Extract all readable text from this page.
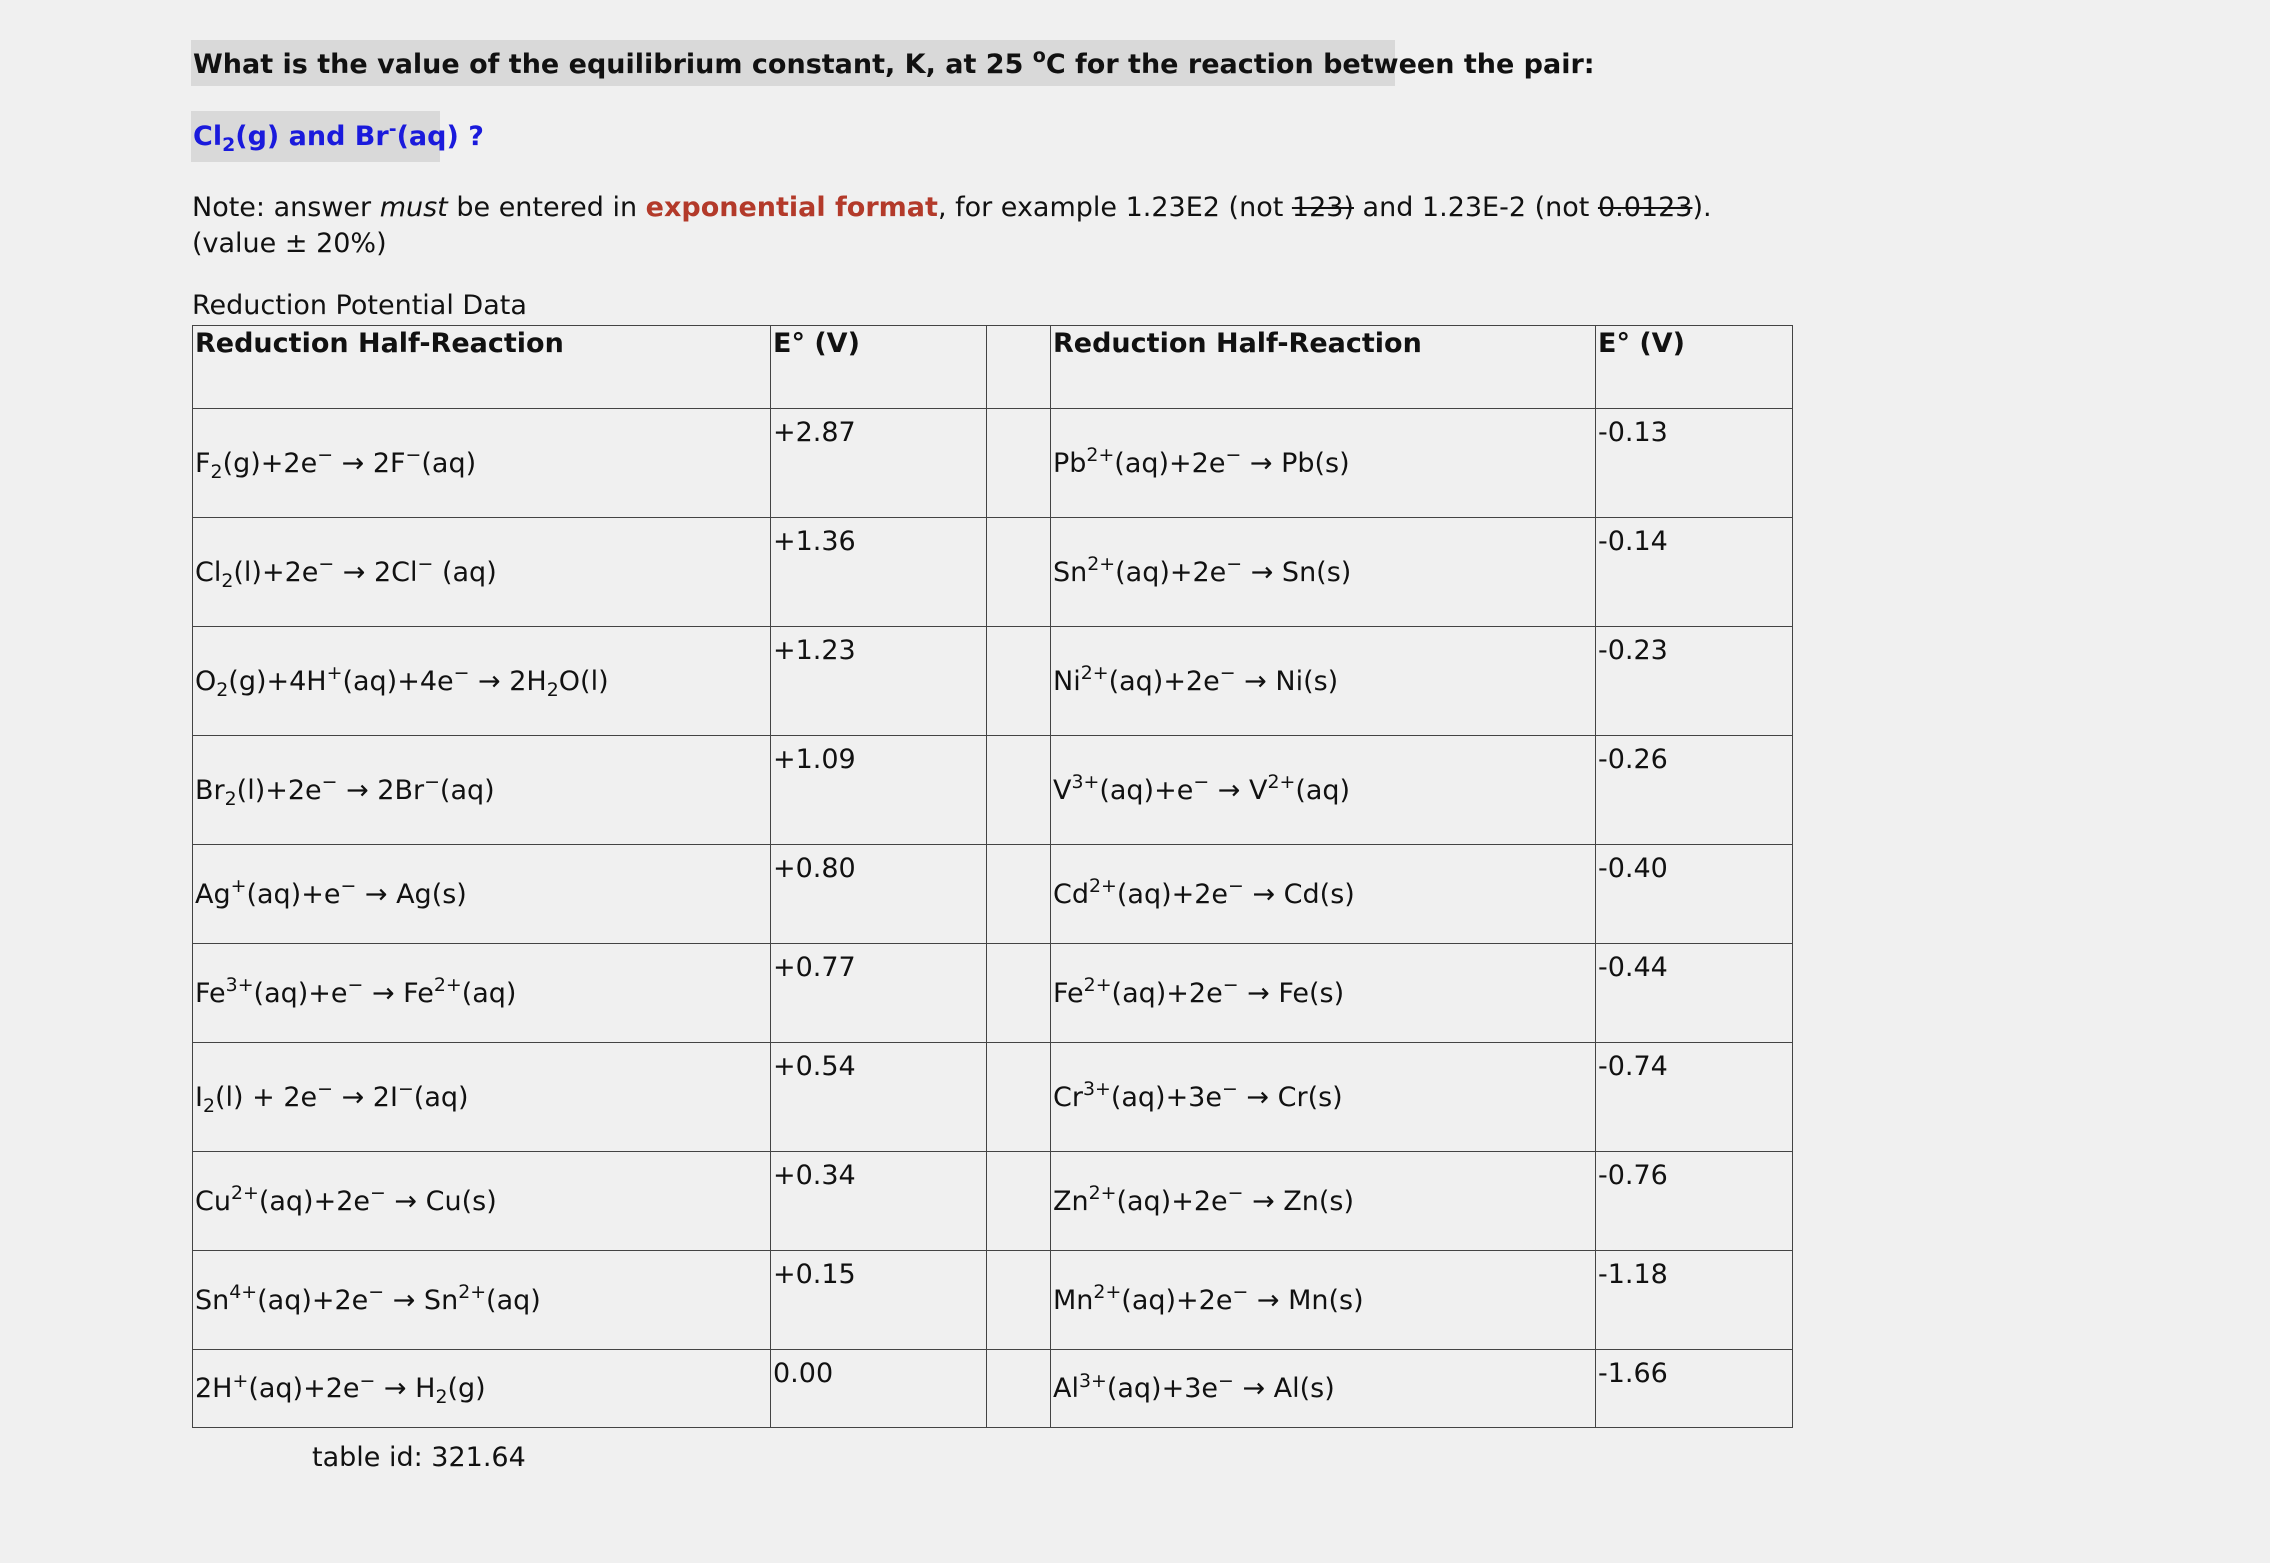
What is the value of the equilibrium constant, K, at 25 $^o$C for the reaction between the pair:
$Cl_2(g)$ and Br-(aq) ?
Note: answer must be entered in exponential format, for example 1.23E2 (not 123) and 1.23E-2 (not 0.0123).
(value ± 20%)
Reduction Potential Data
Reduction Half-Reaction	E° (V)		Reduction Half-Reaction	E° (V)
$F_2(g)+2e^- \to 2F^-(aq)$	+2.87		$Pb^{2+}(aq)+2e^- \to Pb(s)$	-0.13
$Cl_2(l)+2e^- \to 2Cl^-$ (aq)	+1.36		$Sn^{2+}(aq)+2e^- \to Sn(s)$	-0.14
$O_2(g)+4H^+(aq)+4e^- \to 2H_2O(l)$	+1.23		$Ni^{2+}(aq)+2e^- \to Ni(s)$	-0.23
$Br_2(l)+2e^- \to 2Br^-(aq)$	+1.09		$V^{3+}(aq)+e^- \to V^{2+}(aq)$	-0.26
Ag+(aq)+e− → Ag(s)	+0.80		$Cd^{2+}(aq)+2e^- \to Cd(s)$	-0.40
$Fe^{3+}(aq)+e^- \to Fe^{2+}(aq)$	+0.77		$Fe^{2+}(aq)+2e^- \to Fe(s)$	-0.44
$I_2(l) + 2e^- \to 2I^-(aq)$	+0.54		$Cr^{3+}(aq)+3e^- \to Cr(s)$	-0.74
$Cu^{2+}(aq)+2e^- \to Cu(s)$	+0.34		$Zn^{2+}(aq)+2e^- \to Zn(s)$	-0.76
$Sn^{4+}(aq)+2e^- \to Sn^{2+}(aq)$	+0.15		$Mn^{2+}(aq)+2e^- \to Mn(s)$	-1.18
$2H^+(aq)+2e^- \to H_2(g)$	0.00		$Al^{3+}(aq)+3e^- \to Al(s)$	-1.66
table id: 321.64
